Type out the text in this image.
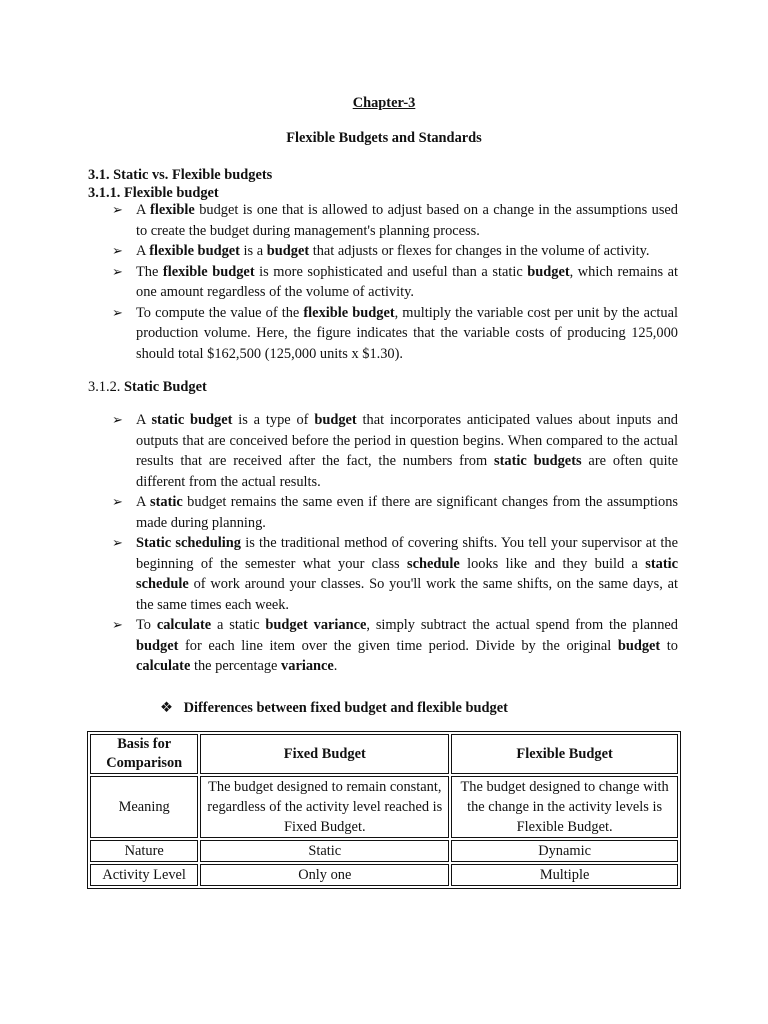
Chapter-3
Flexible Budgets and Standards
3.1. Static vs. Flexible budgets
3.1.1. Flexible budget
➢ A flexible budget is one that is allowed to adjust based on a change in the assumptions used to create the budget during management's planning process.
➢ A flexible budget is a budget that adjusts or flexes for changes in the volume of activity.
➢ The flexible budget is more sophisticated and useful than a static budget, which remains at one amount regardless of the volume of activity.
➢ To compute the value of the flexible budget, multiply the variable cost per unit by the actual production volume. Here, the figure indicates that the variable costs of producing 125,000 should total $162,500 (125,000 units x $1.30).
3.1.2. Static Budget
➢ A static budget is a type of budget that incorporates anticipated values about inputs and outputs that are conceived before the period in question begins. When compared to the actual results that are received after the fact, the numbers from static budgets are often quite different from the actual results.
➢ A static budget remains the same even if there are significant changes from the assumptions made during planning.
➢ Static scheduling is the traditional method of covering shifts. You tell your supervisor at the beginning of the semester what your class schedule looks like and they build a static schedule of work around your classes. So you'll work the same shifts, on the same days, at the same times each week.
➢ To calculate a static budget variance, simply subtract the actual spend from the planned budget for each line item over the given time period. Divide by the original budget to calculate the percentage variance.
❖ Differences between fixed budget and flexible budget
Basis for Comparison	Fixed Budget	Flexible Budget
Meaning	The budget designed to remain constant, regardless of the activity level reached is Fixed Budget.	The budget designed to change with the change in the activity levels is Flexible Budget.
Nature	Static	Dynamic
Activity Level	Only one	Multiple
